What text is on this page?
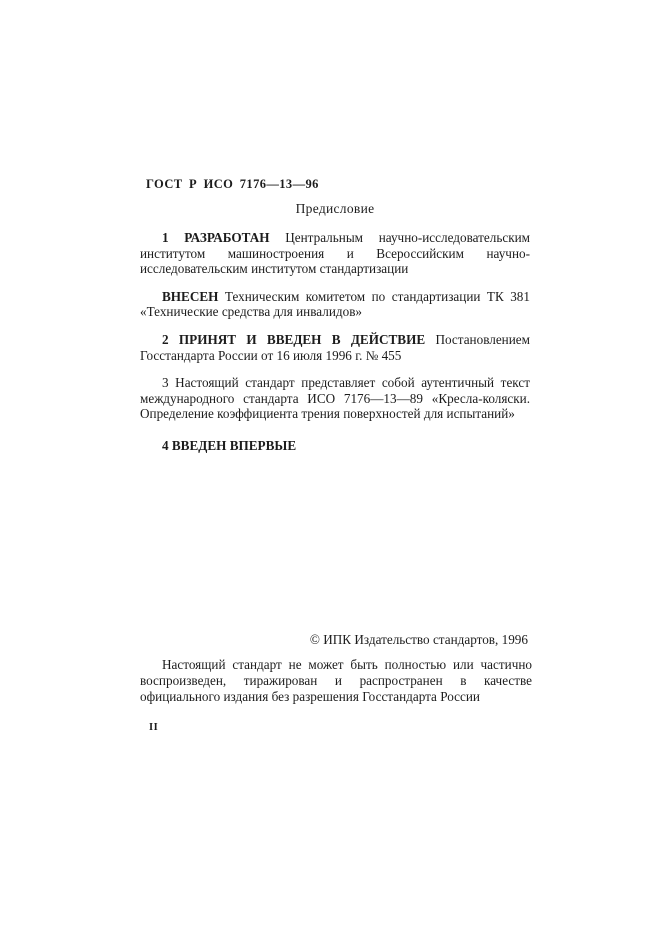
ГОСТ Р ИСО 7176—13—96
Предисловие

1 РАЗРАБОТАН Центральным научно-исследовательским институтом машиностроения и Всероссийским научно-исследовательским институтом стандартизации

ВНЕСЕН Техническим комитетом по стандартизации ТК 381 «Технические средства для инвалидов»

2 ПРИНЯТ И ВВЕДЕН В ДЕЙСТВИЕ Постановлением Госстандарта России от 16 июля 1996 г. № 455

3 Настоящий стандарт представляет собой аутентичный текст международного стандарта ИСО 7176—13—89 «Кресла-коляски. Определение коэффициента трения поверхностей для испытаний»

4 ВВЕДЕН ВПЕРВЫЕ

© ИПК Издательство стандартов, 1996

Настоящий стандарт не может быть полностью или частично воспроизведен, тиражирован и распространен в качестве официального издания без разрешения Госстандарта России

II
